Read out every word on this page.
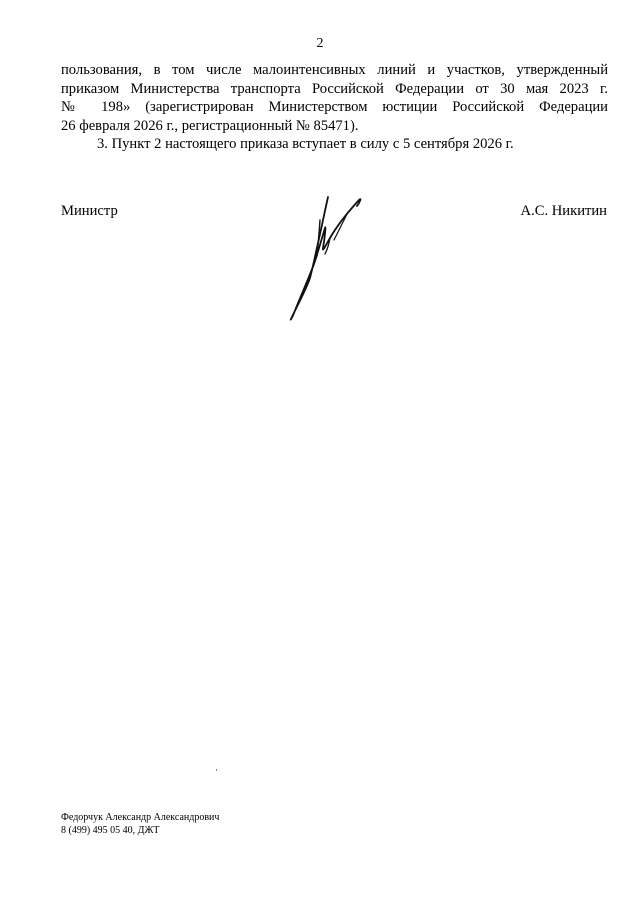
2
пользования, в том числе малоинтенсивных линий и участков, утвержденный
приказом Министерства транспорта Российской Федерации от 30 мая 2023 г.
№ 198» (зарегистрирован Министерством юстиции Российской Федерации
26 февраля 2026 г., регистрационный № 85471).
3. Пункт 2 настоящего приказа вступает в силу с 5 сентября 2026 г.
Министр	А.С. Никитин
Федорчук Александр Александрович
8 (499) 495 05 40, ДЖТ
